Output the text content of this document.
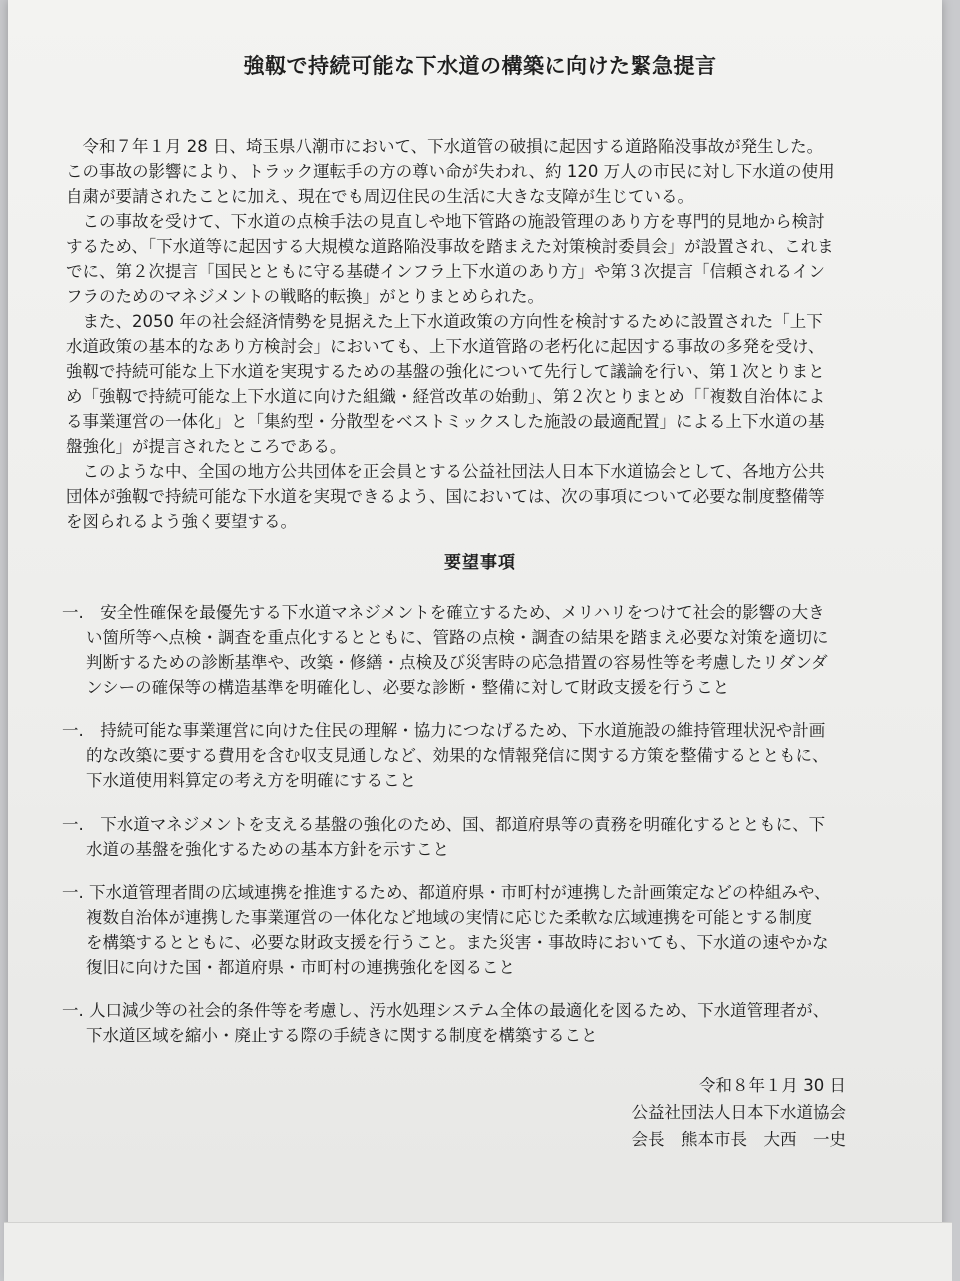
強靱で持続可能な下水道の構築に向けた緊急提言
　令和７年１月 28 日、埼玉県八潮市において、下水道管の破損に起因する道路陥没事故が発生した。
この事故の影響により、トラック運転手の方の尊い命が失われ、約 120 万人の市民に対し下水道の使用
自粛が要請されたことに加え、現在でも周辺住民の生活に大きな支障が生じている。
　この事故を受けて、下水道の点検手法の見直しや地下管路の施設管理のあり方を専門的見地から検討
するため、「下水道等に起因する大規模な道路陥没事故を踏まえた対策検討委員会」が設置され、これま
でに、第２次提言「国民とともに守る基礎インフラ上下水道のあり方」や第３次提言「信頼されるイン
フラのためのマネジメントの戦略的転換」がとりまとめられた。
　また、2050 年の社会経済情勢を見据えた上下水道政策の方向性を検討するために設置された「上下
水道政策の基本的なあり方検討会」においても、上下水道管路の老朽化に起因する事故の多発を受け、
強靱で持続可能な上下水道を実現するための基盤の強化について先行して議論を行い、第１次とりまと
め「強靱で持続可能な上下水道に向けた組織・経営改革の始動」、第２次とりまとめ「「複数自治体によ
る事業運営の一体化」と「集約型・分散型をベストミックスした施設の最適配置」による上下水道の基
盤強化」が提言されたところである。
　このような中、全国の地方公共団体を正会員とする公益社団法人日本下水道協会として、各地方公共
団体が強靱で持続可能な下水道を実現できるよう、国においては、次の事項について必要な制度整備等
を図られるよう強く要望する。
要望事項
一.　安全性確保を最優先する下水道マネジメントを確立するため、メリハリをつけて社会的影響の大き
い箇所等へ点検・調査を重点化するとともに、管路の点検・調査の結果を踏まえ必要な対策を適切に
判断するための診断基準や、改築・修繕・点検及び災害時の応急措置の容易性等を考慮したリダンダ
ンシーの確保等の構造基準を明確化し、必要な診断・整備に対して財政支援を行うこと
一.　持続可能な事業運営に向けた住民の理解・協力につなげるため、下水道施設の維持管理状況や計画
的な改築に要する費用を含む収支見通しなど、効果的な情報発信に関する方策を整備するとともに、
下水道使用料算定の考え方を明確にすること
一.　下水道マネジメントを支える基盤の強化のため、国、都道府県等の責務を明確化するとともに、下
水道の基盤を強化するための基本方針を示すこと
一. 下水道管理者間の広域連携を推進するため、都道府県・市町村が連携した計画策定などの枠組みや、
複数自治体が連携した事業運営の一体化など地域の実情に応じた柔軟な広域連携を可能とする制度
を構築するとともに、必要な財政支援を行うこと。また災害・事故時においても、下水道の速やかな
復旧に向けた国・都道府県・市町村の連携強化を図ること
一. 人口減少等の社会的条件等を考慮し、汚水処理システム全体の最適化を図るため、下水道管理者が、
下水道区域を縮小・廃止する際の手続きに関する制度を構築すること
令和８年１月 30 日
公益社団法人日本下水道協会
会長　熊本市長　大西　一史
